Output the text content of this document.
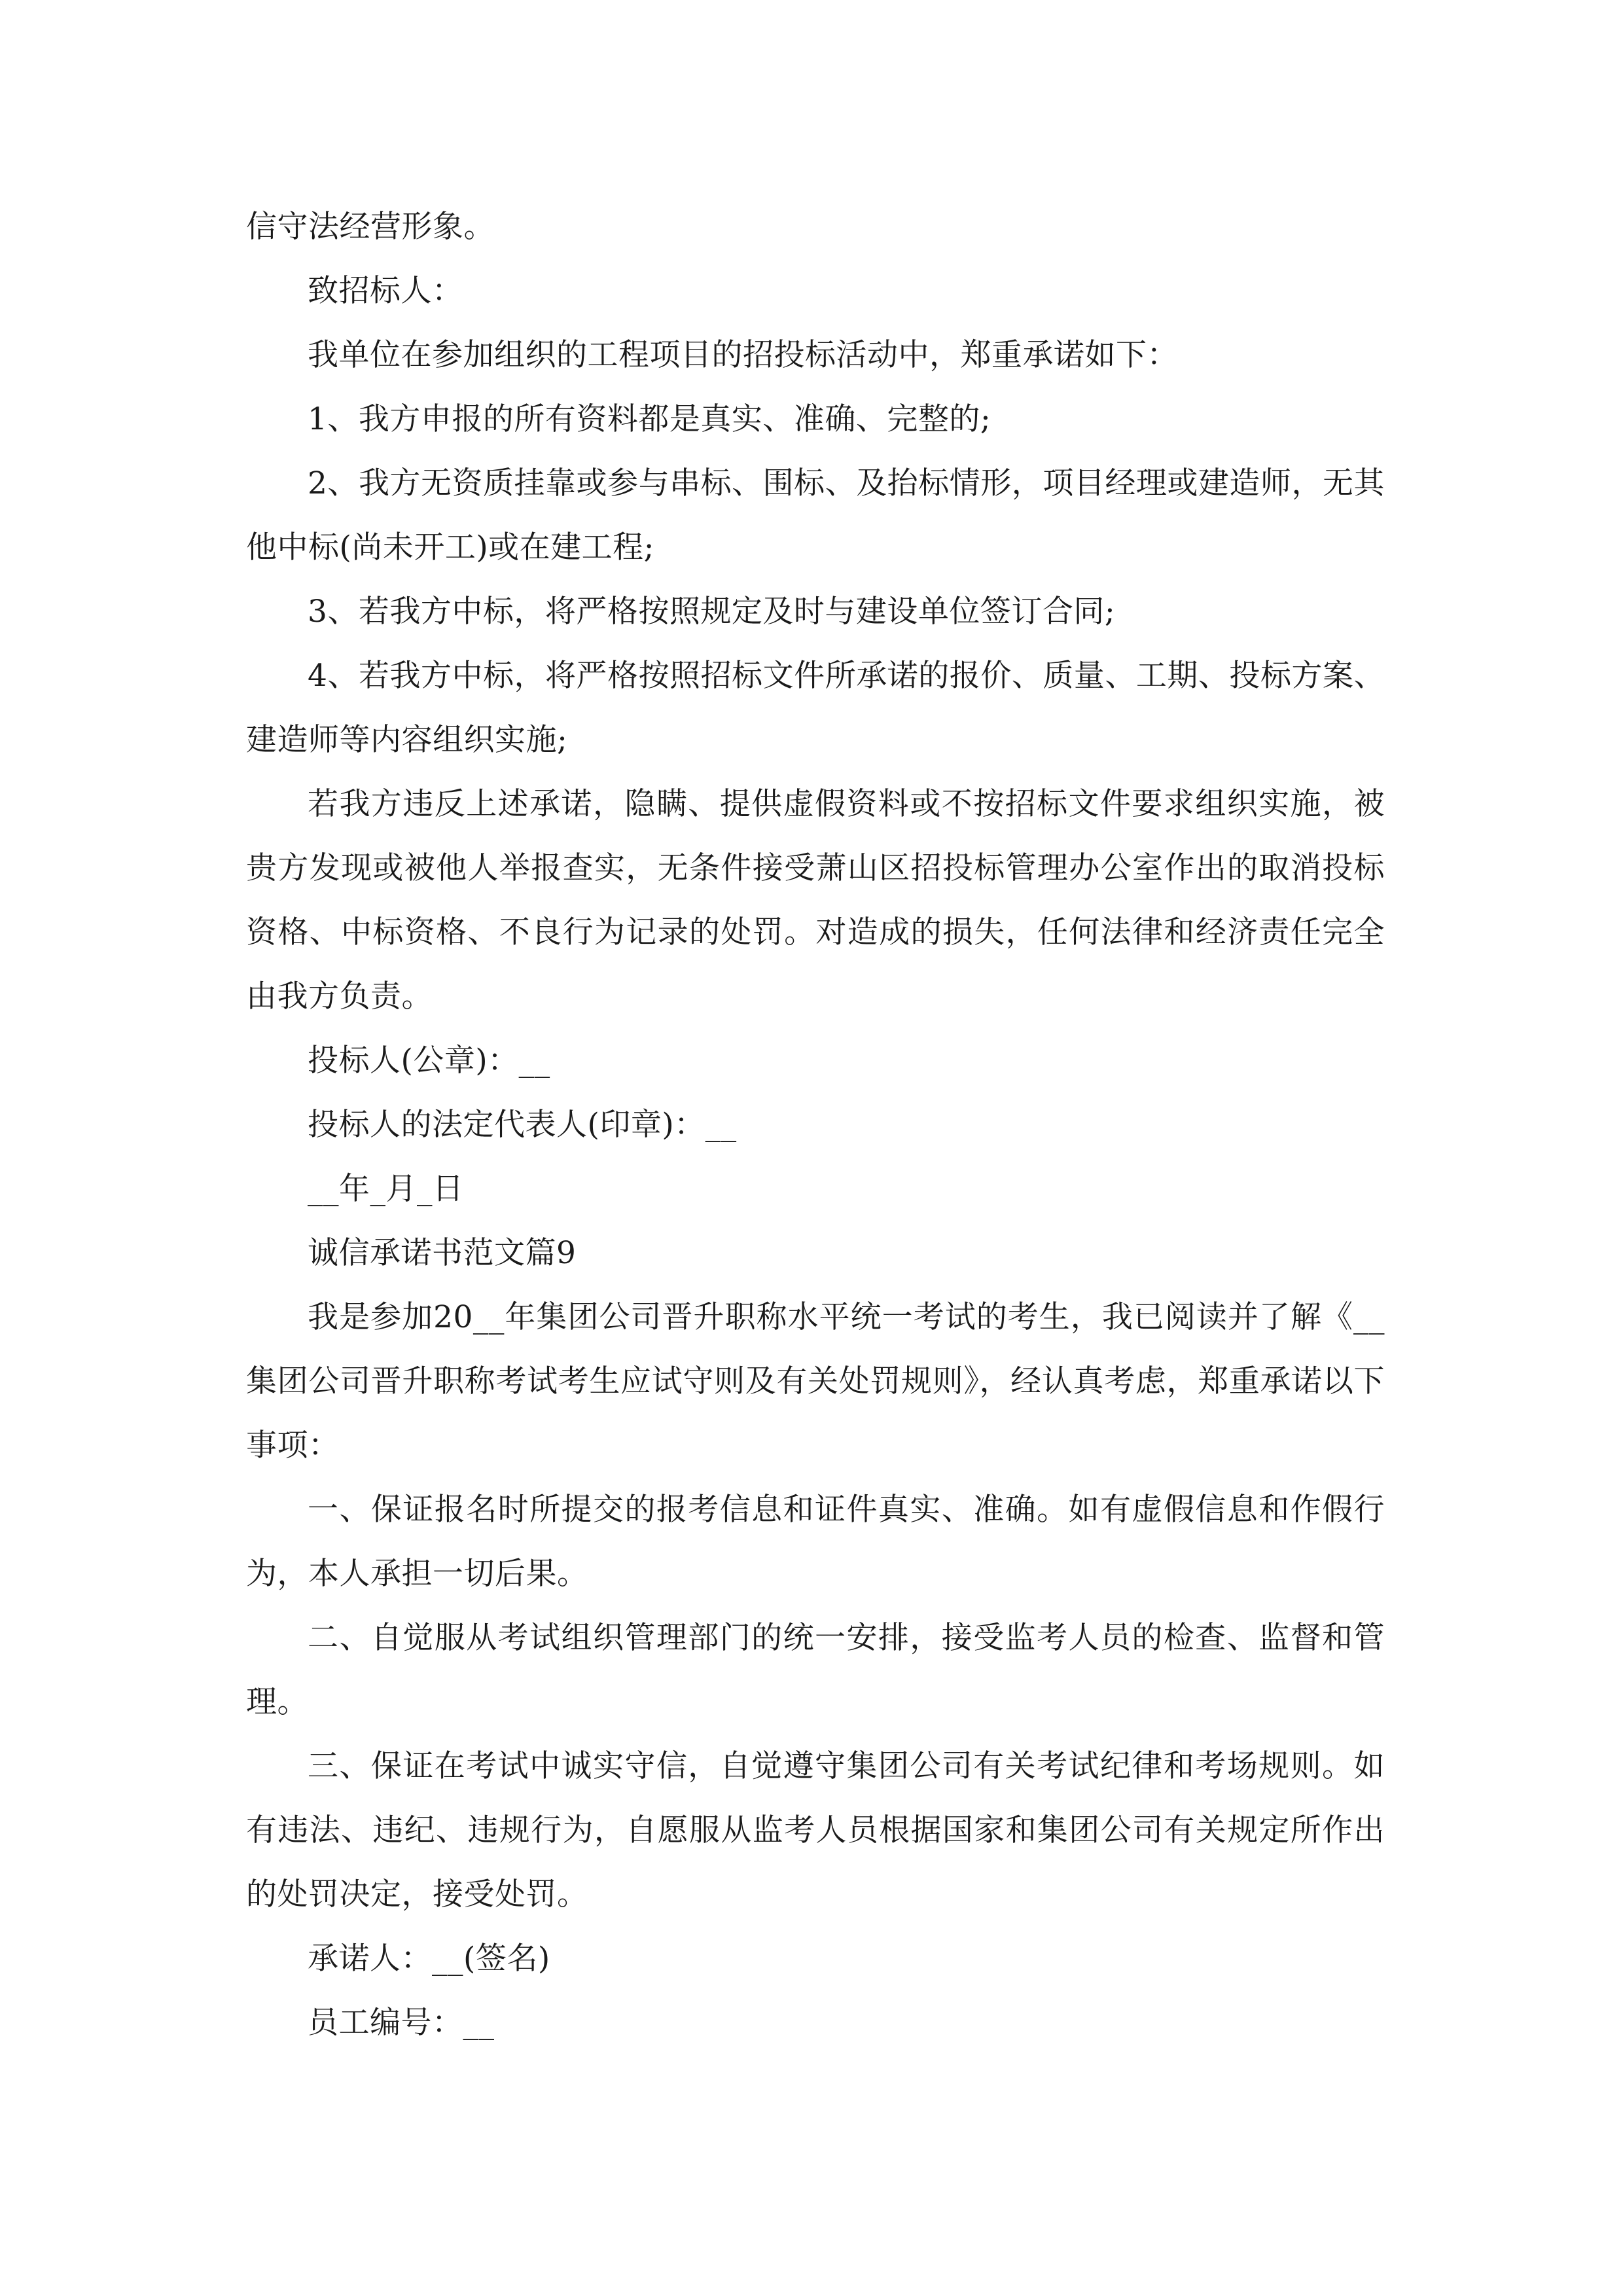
信守法经营形象。

致招标人：

我单位在参加组织的工程项目的招投标活动中，郑重承诺如下：

1、我方申报的所有资料都是真实、准确、完整的;

2、我方无资质挂靠或参与串标、围标、及抬标情形，项目经理或建造师，无其他中标(尚未开工)或在建工程;

3、若我方中标，将严格按照规定及时与建设单位签订合同;

4、若我方中标，将严格按照招标文件所承诺的报价、质量、工期、投标方案、建造师等内容组织实施;

若我方违反上述承诺，隐瞒、提供虚假资料或不按招标文件要求组织实施，被贵方发现或被他人举报查实，无条件接受萧山区招投标管理办公室作出的取消投标资格、中标资格、不良行为记录的处罚。对造成的损失，任何法律和经济责任完全由我方负责。

投标人(公章)：__

投标人的法定代表人(印章)：__

__年_月_日

诚信承诺书范文篇9

我是参加20__年集团公司晋升职称水平统一考试的考生，我已阅读并了解《__集团公司晋升职称考试考生应试守则及有关处罚规则》，经认真考虑，郑重承诺以下事项：

一、保证报名时所提交的报考信息和证件真实、准确。如有虚假信息和作假行为，本人承担一切后果。

二、自觉服从考试组织管理部门的统一安排，接受监考人员的检查、监督和管理。

三、保证在考试中诚实守信，自觉遵守集团公司有关考试纪律和考场规则。如有违法、违纪、违规行为，自愿服从监考人员根据国家和集团公司有关规定所作出的处罚决定，接受处罚。

承诺人：__(签名)

员工编号：__
